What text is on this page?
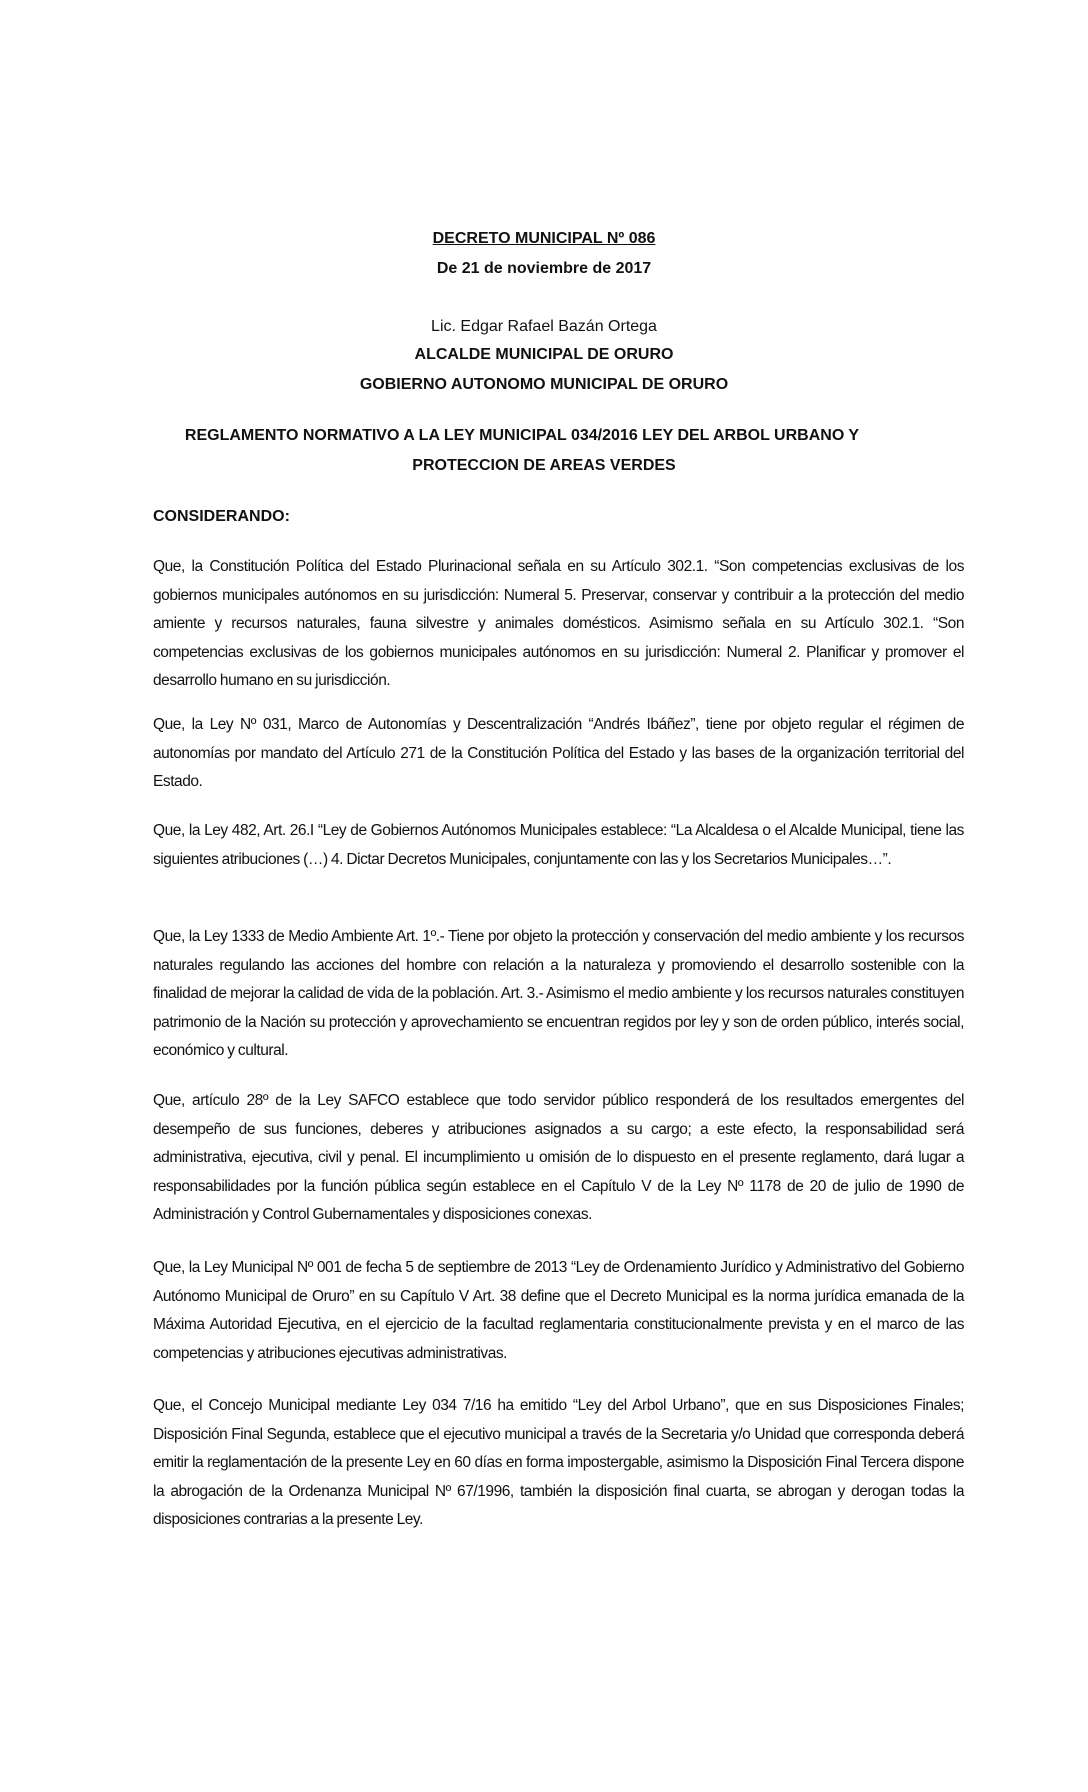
DECRETO MUNICIPAL Nº 086
De 21 de noviembre de 2017
Lic. Edgar Rafael Bazán Ortega
ALCALDE MUNICIPAL DE ORURO
GOBIERNO AUTONOMO MUNICIPAL DE ORURO
REGLAMENTO NORMATIVO A LA LEY MUNICIPAL 034/2016 LEY DEL ARBOL URBANO Y
PROTECCION DE AREAS VERDES
CONSIDERANDO:
Que, la Constitución Política del Estado Plurinacional señala en su Artículo 302.1. “Son competencias exclusivas de los gobiernos municipales autónomos en su jurisdicción: Numeral 5. Preservar, conservar y contribuir a la protección del medio amiente y recursos naturales, fauna silvestre y animales domésticos. Asimismo señala en su Artículo 302.1. “Son competencias exclusivas de los gobiernos municipales autónomos en su jurisdicción: Numeral 2. Planificar y promover el desarrollo humano en su jurisdicción.
Que, la Ley Nº 031, Marco de Autonomías y Descentralización “Andrés Ibáñez”, tiene por objeto regular el régimen de autonomías por mandato del Artículo 271 de la Constitución Política del Estado y las bases de la organización territorial del Estado.
Que, la Ley 482, Art. 26.I “Ley de Gobiernos Autónomos Municipales establece: “La Alcaldesa o el Alcalde Municipal, tiene las siguientes atribuciones (…) 4. Dictar Decretos Municipales, conjuntamente con las y los Secretarios Municipales…”.
Que, la Ley 1333 de Medio Ambiente Art. 1º.- Tiene por objeto la protección y conservación del medio ambiente y los recursos naturales regulando las acciones del hombre con relación a la naturaleza y promoviendo el desarrollo sostenible con la finalidad de mejorar la calidad de vida de la población. Art. 3.- Asimismo el medio ambiente y los recursos naturales constituyen patrimonio de la Nación su protección y aprovechamiento se encuentran regidos por ley y son de orden público, interés social, económico y cultural.
Que, artículo 28º de la Ley SAFCO establece que todo servidor público responderá de los resultados emergentes del desempeño de sus funciones, deberes y atribuciones asignados a su cargo; a este efecto, la responsabilidad será administrativa, ejecutiva, civil y penal. El incumplimiento u omisión de lo dispuesto en el presente reglamento, dará lugar a responsabilidades por la función pública según establece en el Capítulo V de la Ley Nº 1178 de 20 de julio de 1990 de Administración y Control Gubernamentales y disposiciones conexas.
Que, la Ley Municipal Nº 001 de fecha 5 de septiembre de 2013 “Ley de Ordenamiento Jurídico y Administrativo del Gobierno Autónomo Municipal de Oruro” en su Capítulo V Art. 38 define que el Decreto Municipal es la norma jurídica emanada de la Máxima Autoridad Ejecutiva, en el ejercicio de la facultad reglamentaria constitucionalmente prevista y en el marco de las competencias y atribuciones ejecutivas administrativas.
Que, el Concejo Municipal mediante Ley 034 7/16 ha emitido “Ley del Arbol Urbano”, que en sus Disposiciones Finales; Disposición Final Segunda, establece que el ejecutivo municipal a través de la Secretaria y/o Unidad que corresponda deberá emitir la reglamentación de la presente Ley en 60 días en forma impostergable, asimismo la Disposición Final Tercera dispone la abrogación de la Ordenanza Municipal Nº 67/1996, también la disposición final cuarta, se abrogan y derogan todas la disposiciones contrarias a la presente Ley.
